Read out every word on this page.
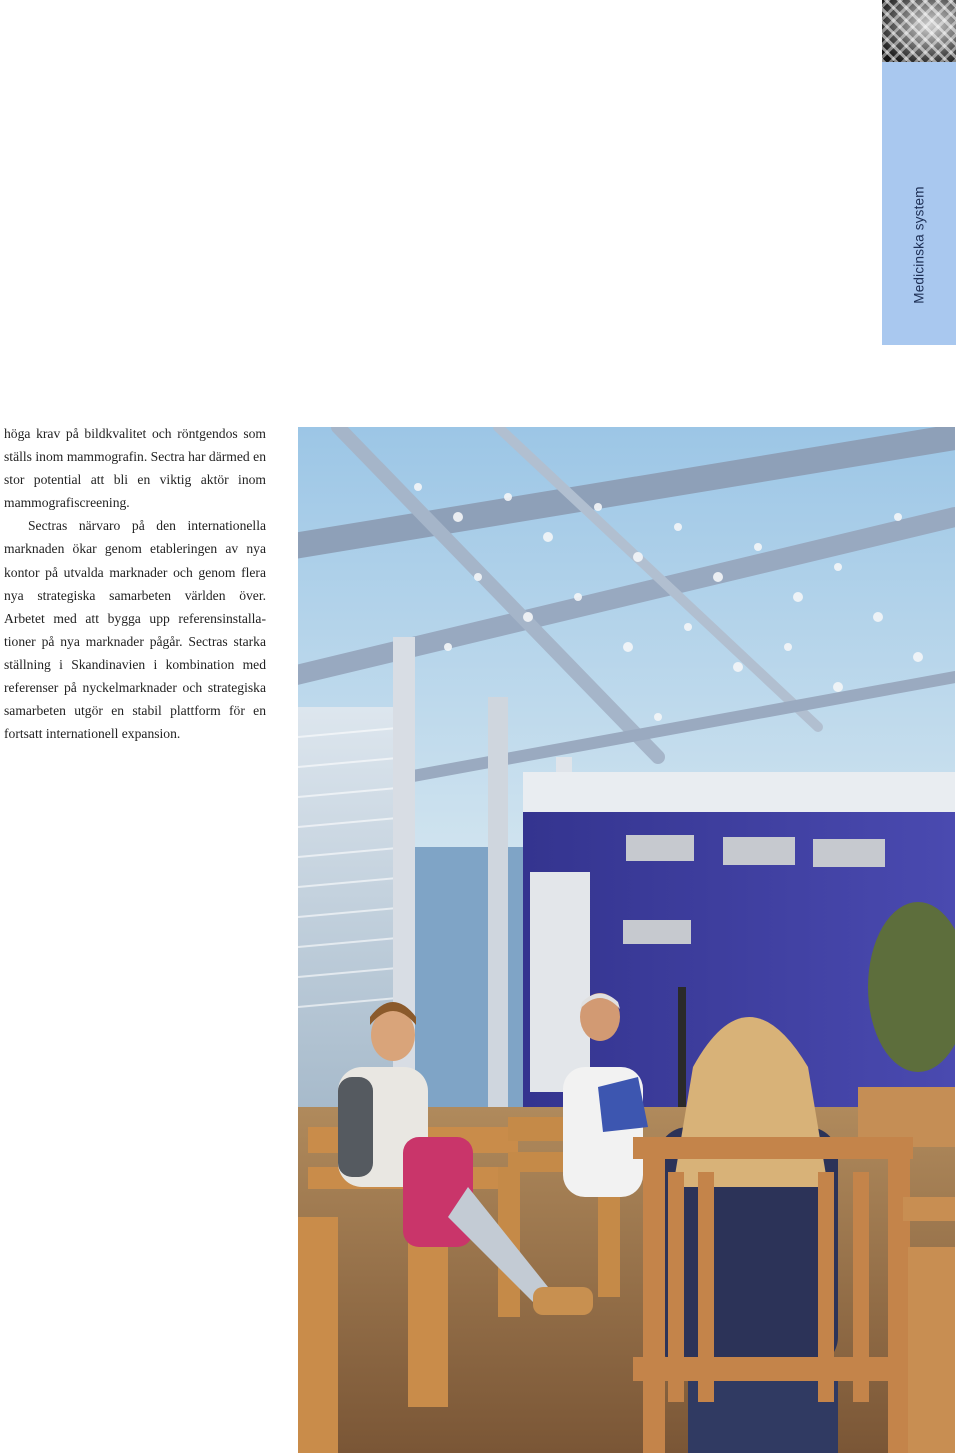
Medicinska system

höga krav på bildkvalitet och röntgendos som ställs inom mammografin. Sectra har därmed en stor potential att bli en viktig aktör inom mammografiscreening.

Sectras närvaro på den internationella marknaden ökar genom etableringen av nya kontor på utvalda marknader och genom flera nya strategiska samarbeten världen över. Arbetet med att bygga upp referensinstallationer på nya marknader pågår. Sectras starka ställning i Skandinavien i kombination med referenser på nyckelmarknader och strategiska samarbeten utgör en stabil plattform för en fortsatt internationell expansion.
